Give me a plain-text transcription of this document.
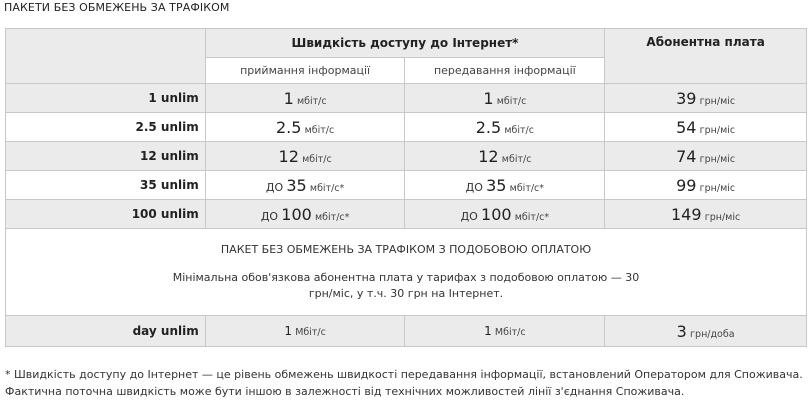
ПАКЕТИ БЕЗ ОБМЕЖЕНЬ ЗА ТРАФІКОМ
	Швидкість доступу до Інтернет*		Абонентна плата
	приймання інформації	передавання інформації	
1 unlim	1 мбіт/с	1 мбіт/с	39 грн/міс
2.5 unlim	2.5 мбіт/с	2.5 мбіт/с	54 грн/міс
12 unlim	12 мбіт/с	12 мбіт/с	74 грн/міс
35 unlim	ДО 35 мбіт/с*	ДО 35 мбіт/с*	99 грн/міс
100 unlim	ДО 100 мбіт/с*	ДО 100 мбіт/с*	149 грн/міс

ПАКЕТ БЕЗ ОБМЕЖЕНЬ ЗА ТРАФІКОМ З ПОДОБОВОЮ ОПЛАТОЮ
Мінімальна обов'язкова абонентна плата у тарифах з подобовою оплатою — 30 грн/міс, у т.ч. 30 грн на Інтернет.			

day unlim	1 Мбіт/с	1 Мбіт/с	3 грн/доба
* Швидкість доступу до Інтернет — це рівень обмежень швидкості передавання інформації, встановлений Оператором для Споживача. Фактична поточна швидкість може бути іншою в залежності від технічних можливостей лінії з'єднання Споживача.
